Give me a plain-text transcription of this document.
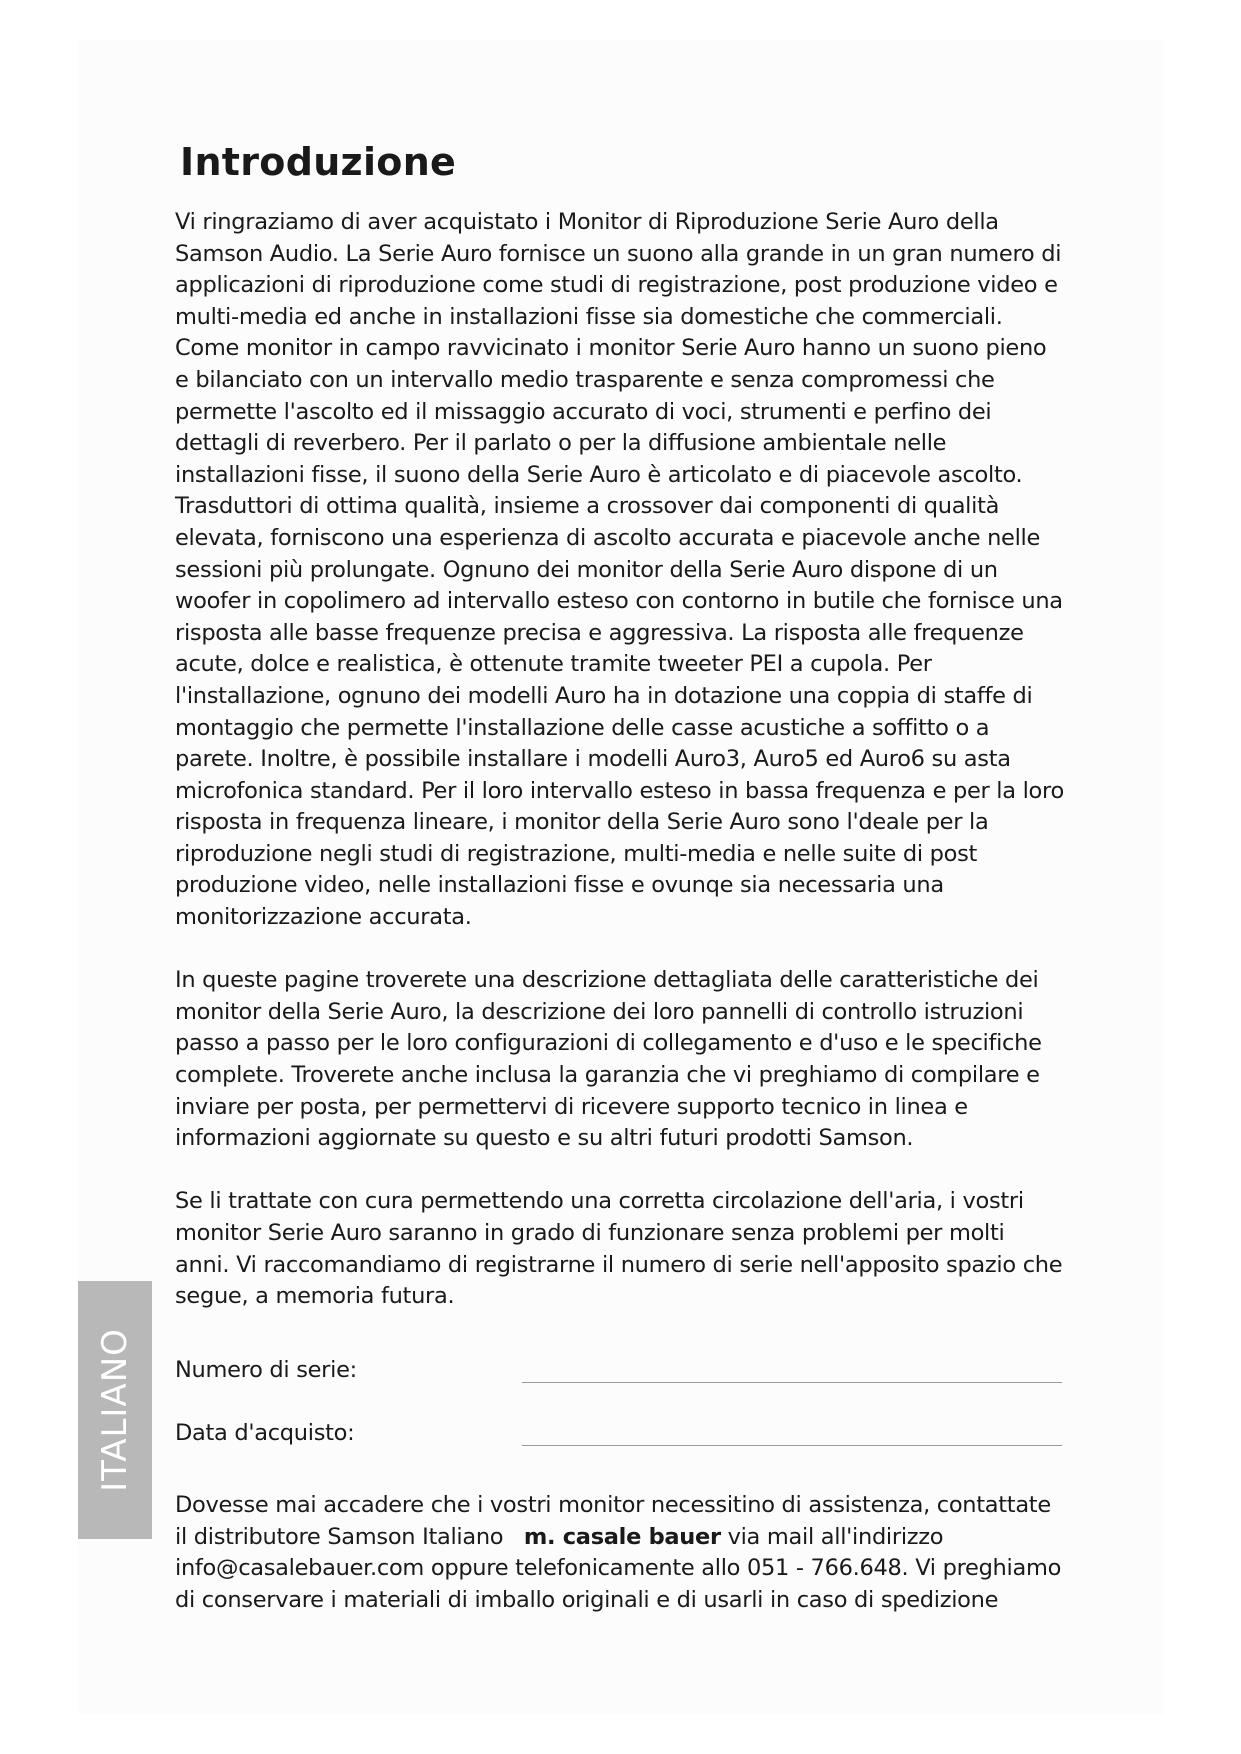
Introduzione

Vi ringraziamo di aver acquistato i Monitor di Riproduzione Serie Auro della Samson Audio. La Serie Auro fornisce un suono alla grande in un gran numero di applicazioni di riproduzione come studi di registrazione, post produzione video e multi-media ed anche in installazioni fisse sia domestiche che commerciali. Come monitor in campo ravvicinato i monitor Serie Auro hanno un suono pieno e bilanciato con un intervallo medio trasparente e senza compromessi che permette l'ascolto ed il missaggio accurato di voci, strumenti e perfino dei dettagli di reverbero. Per il parlato o per la diffusione ambientale nelle installazioni fisse, il suono della Serie Auro è articolato e di piacevole ascolto. Trasduttori di ottima qualità, insieme a crossover dai componenti di qualità elevata, forniscono una esperienza di ascolto accurata e piacevole anche nelle sessioni più prolungate. Ognuno dei monitor della Serie Auro dispone di un woofer in copolimero ad intervallo esteso con contorno in butile che fornisce una risposta alle basse frequenze precisa e aggressiva. La risposta alle frequenze acute, dolce e realistica, è ottenute tramite tweeter PEI a cupola. Per l'installazione, ognuno dei modelli Auro ha in dotazione una coppia di staffe di montaggio che permette l'installazione delle casse acustiche a soffitto o a parete. Inoltre, è possibile installare i modelli Auro3, Auro5 ed Auro6 su asta microfonica standard. Per il loro intervallo esteso in bassa frequenza e per la loro risposta in frequenza lineare, i monitor della Serie Auro sono l'deale per la riproduzione negli studi di registrazione, multi-media e nelle suite di post produzione video, nelle installazioni fisse e ovunqe sia necessaria una monitorizzazione accurata.

In queste pagine troverete una descrizione dettagliata delle caratteristiche dei monitor della Serie Auro, la descrizione dei loro pannelli di controllo istruzioni passo a passo per le loro configurazioni di collegamento e d'uso e le specifiche complete. Troverete anche inclusa la garanzia che vi preghiamo di compilare e inviare per posta, per permettervi di ricevere supporto tecnico in linea e informazioni aggiornate su questo e su altri futuri prodotti Samson.

Se li trattate con cura permettendo una corretta circolazione dell'aria, i vostri monitor Serie Auro saranno in grado di funzionare senza problemi per molti anni. Vi raccomandiamo di registrarne il numero di serie nell'apposito spazio che segue, a memoria futura.

Numero di serie:
Data d'acquisto:

Dovesse mai accadere che i vostri monitor necessitino di assistenza, contattate il distributore Samson Italiano m. casale bauer via mail all'indirizzo info@casalebauer.com oppure telefonicamente allo 051 - 766.648. Vi preghiamo di conservare i materiali di imballo originali e di usarli in caso di spedizione

ITALIANO
